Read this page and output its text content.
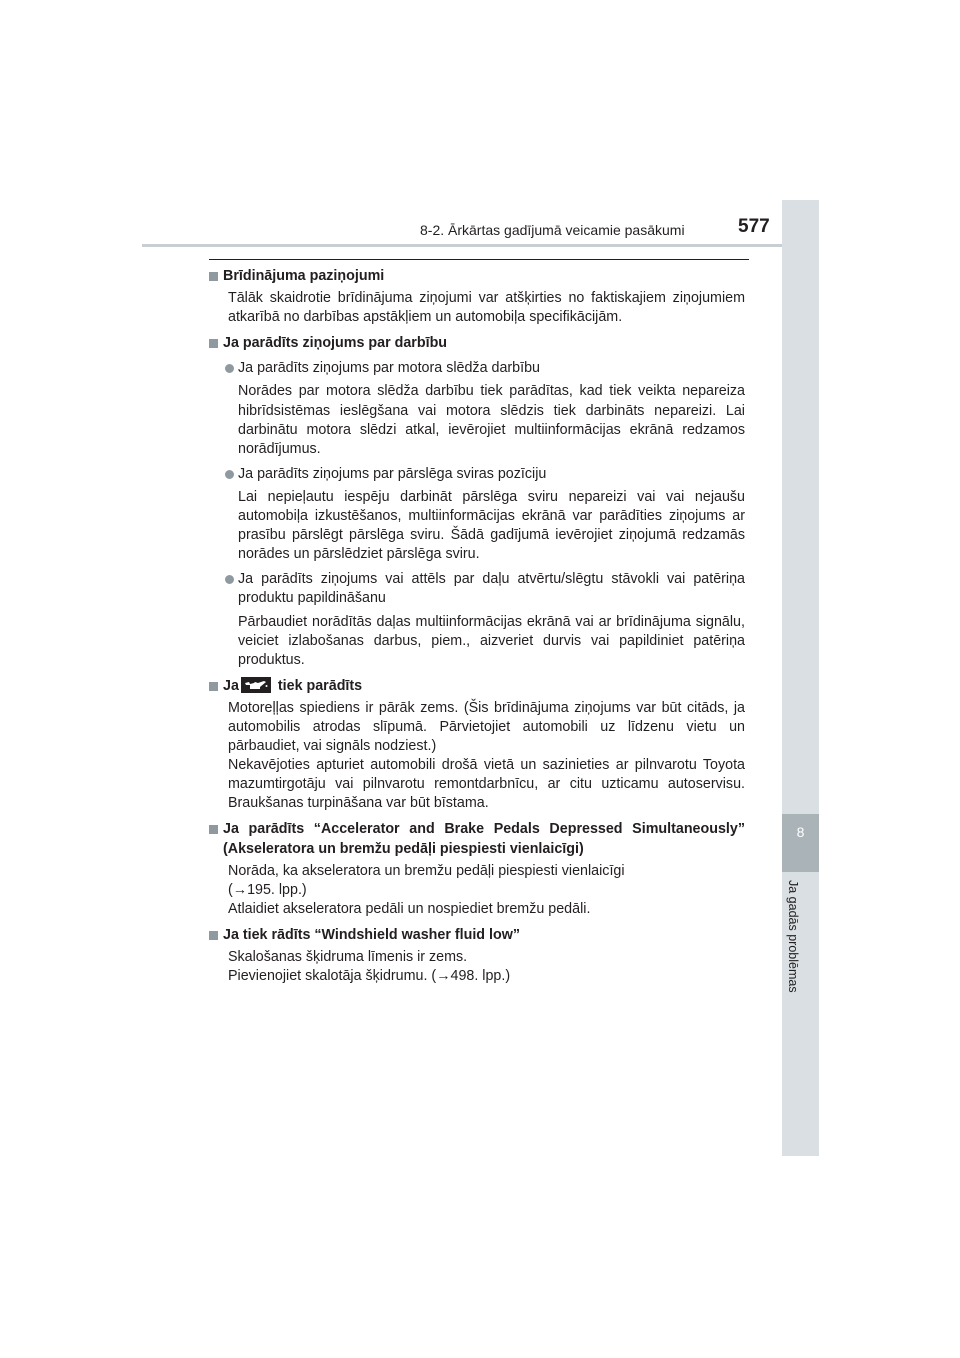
8-2. Ārkārtas gadījumā veicamie pasākumi	577
8
Ja gadās problēmas
Brīdinājuma paziņojumi
Tālāk skaidrotie brīdinājuma ziņojumi var atšķirties no faktiskajiem ziņojumiem atkarībā no darbības apstākļiem un automobiļa specifikācijām.
Ja parādīts ziņojums par darbību
Ja parādīts ziņojums par motora slēdža darbību
Norādes par motora slēdža darbību tiek parādītas, kad tiek veikta nepareiza hibrīdsistēmas ieslēgšana vai motora slēdzis tiek darbināts nepareizi. Lai darbinātu motora slēdzi atkal, ievērojiet multiinformācijas ekrānā redzamos norādījumus.
Ja parādīts ziņojums par pārslēga sviras pozīciju
Lai nepieļautu iespēju darbināt pārslēga sviru nepareizi vai vai nejaušu automobiļa izkustēšanos, multiinformācijas ekrānā var parādīties ziņojums ar prasību pārslēgt pārslēga sviru. Šādā gadījumā ievērojiet ziņojumā redzamās norādes un pārslēdziet pārslēga sviru.
Ja parādīts ziņojums vai attēls par daļu atvērtu/slēgtu stāvokli vai patēriņa produktu papildināšanu
Pārbaudiet norādītās daļas multiinformācijas ekrānā vai ar brīdinājuma signālu, veiciet izlabošanas darbus, piem., aizveriet durvis vai papildiniet patēriņa produktus.
Ja	tiek parādīts
Motoreļļas spiediens ir pārāk zems. (Šis brīdinājuma ziņojums var būt citāds, ja automobilis atrodas slīpumā. Pārvietojiet automobili uz līdzenu vietu un pārbaudiet, vai signāls nodziest.)
Nekavējoties apturiet automobili drošā vietā un sazinieties ar pilnvarotu Toyota mazumtirgotāju vai pilnvarotu remontdarbnīcu, ar citu uzticamu autoservisu. Braukšanas turpināšana var būt bīstama.
Ja parādīts “Accelerator and Brake Pedals Depressed Simultaneously” (Akseleratora un bremžu pedāļi piespiesti vienlaicīgi)
Norāda, ka akseleratora un bremžu pedāļi piespiesti vienlaicīgi
(→195. lpp.)
Atlaidiet akseleratora pedāli un nospiediet bremžu pedāli.
Ja tiek rādīts “Windshield washer fluid low”
Skalošanas šķidruma līmenis ir zems.
Pievienojiet skalotāja šķidrumu. (→498. lpp.)
